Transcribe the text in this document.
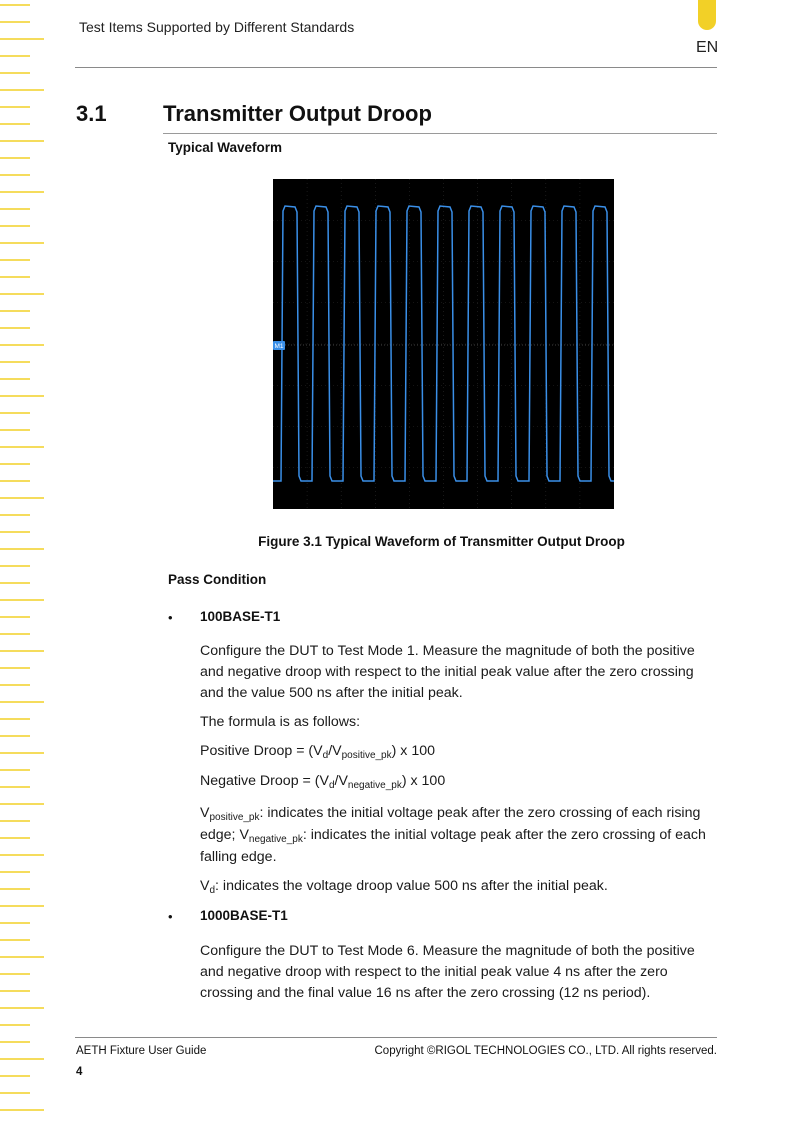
Test Items Supported by Different Standards
EN
3.1	Transmitter Output Droop
Typical Waveform
M1
Figure 3.1 Typical Waveform of Transmitter Output Droop
Pass Condition
• 100BASE-T1
Configure the DUT to Test Mode 1. Measure the magnitude of both the positive and negative droop with respect to the initial peak value after the zero crossing and the value 500 ns after the initial peak.
The formula is as follows:
Positive Droop = $(V_d/V_{positive\_pk})$ x 100
Negative Droop = $(V_d/V_{negative\_pk})$ x 100
$V_{positive\_pk}$: indicates the initial voltage peak after the zero crossing of each rising edge; $V_{negative\_pk}$: indicates the initial voltage peak after the zero crossing of each falling edge.
$V_d$: indicates the voltage droop value 500 ns after the initial peak.
• 1000BASE-T1
Configure the DUT to Test Mode 6. Measure the magnitude of both the positive and negative droop with respect to the initial peak value 4 ns after the zero crossing and the final value 16 ns after the zero crossing (12 ns period).
AETH Fixture User Guide	Copyright ©RIGOL TECHNOLOGIES CO., LTD. All rights reserved.
4
